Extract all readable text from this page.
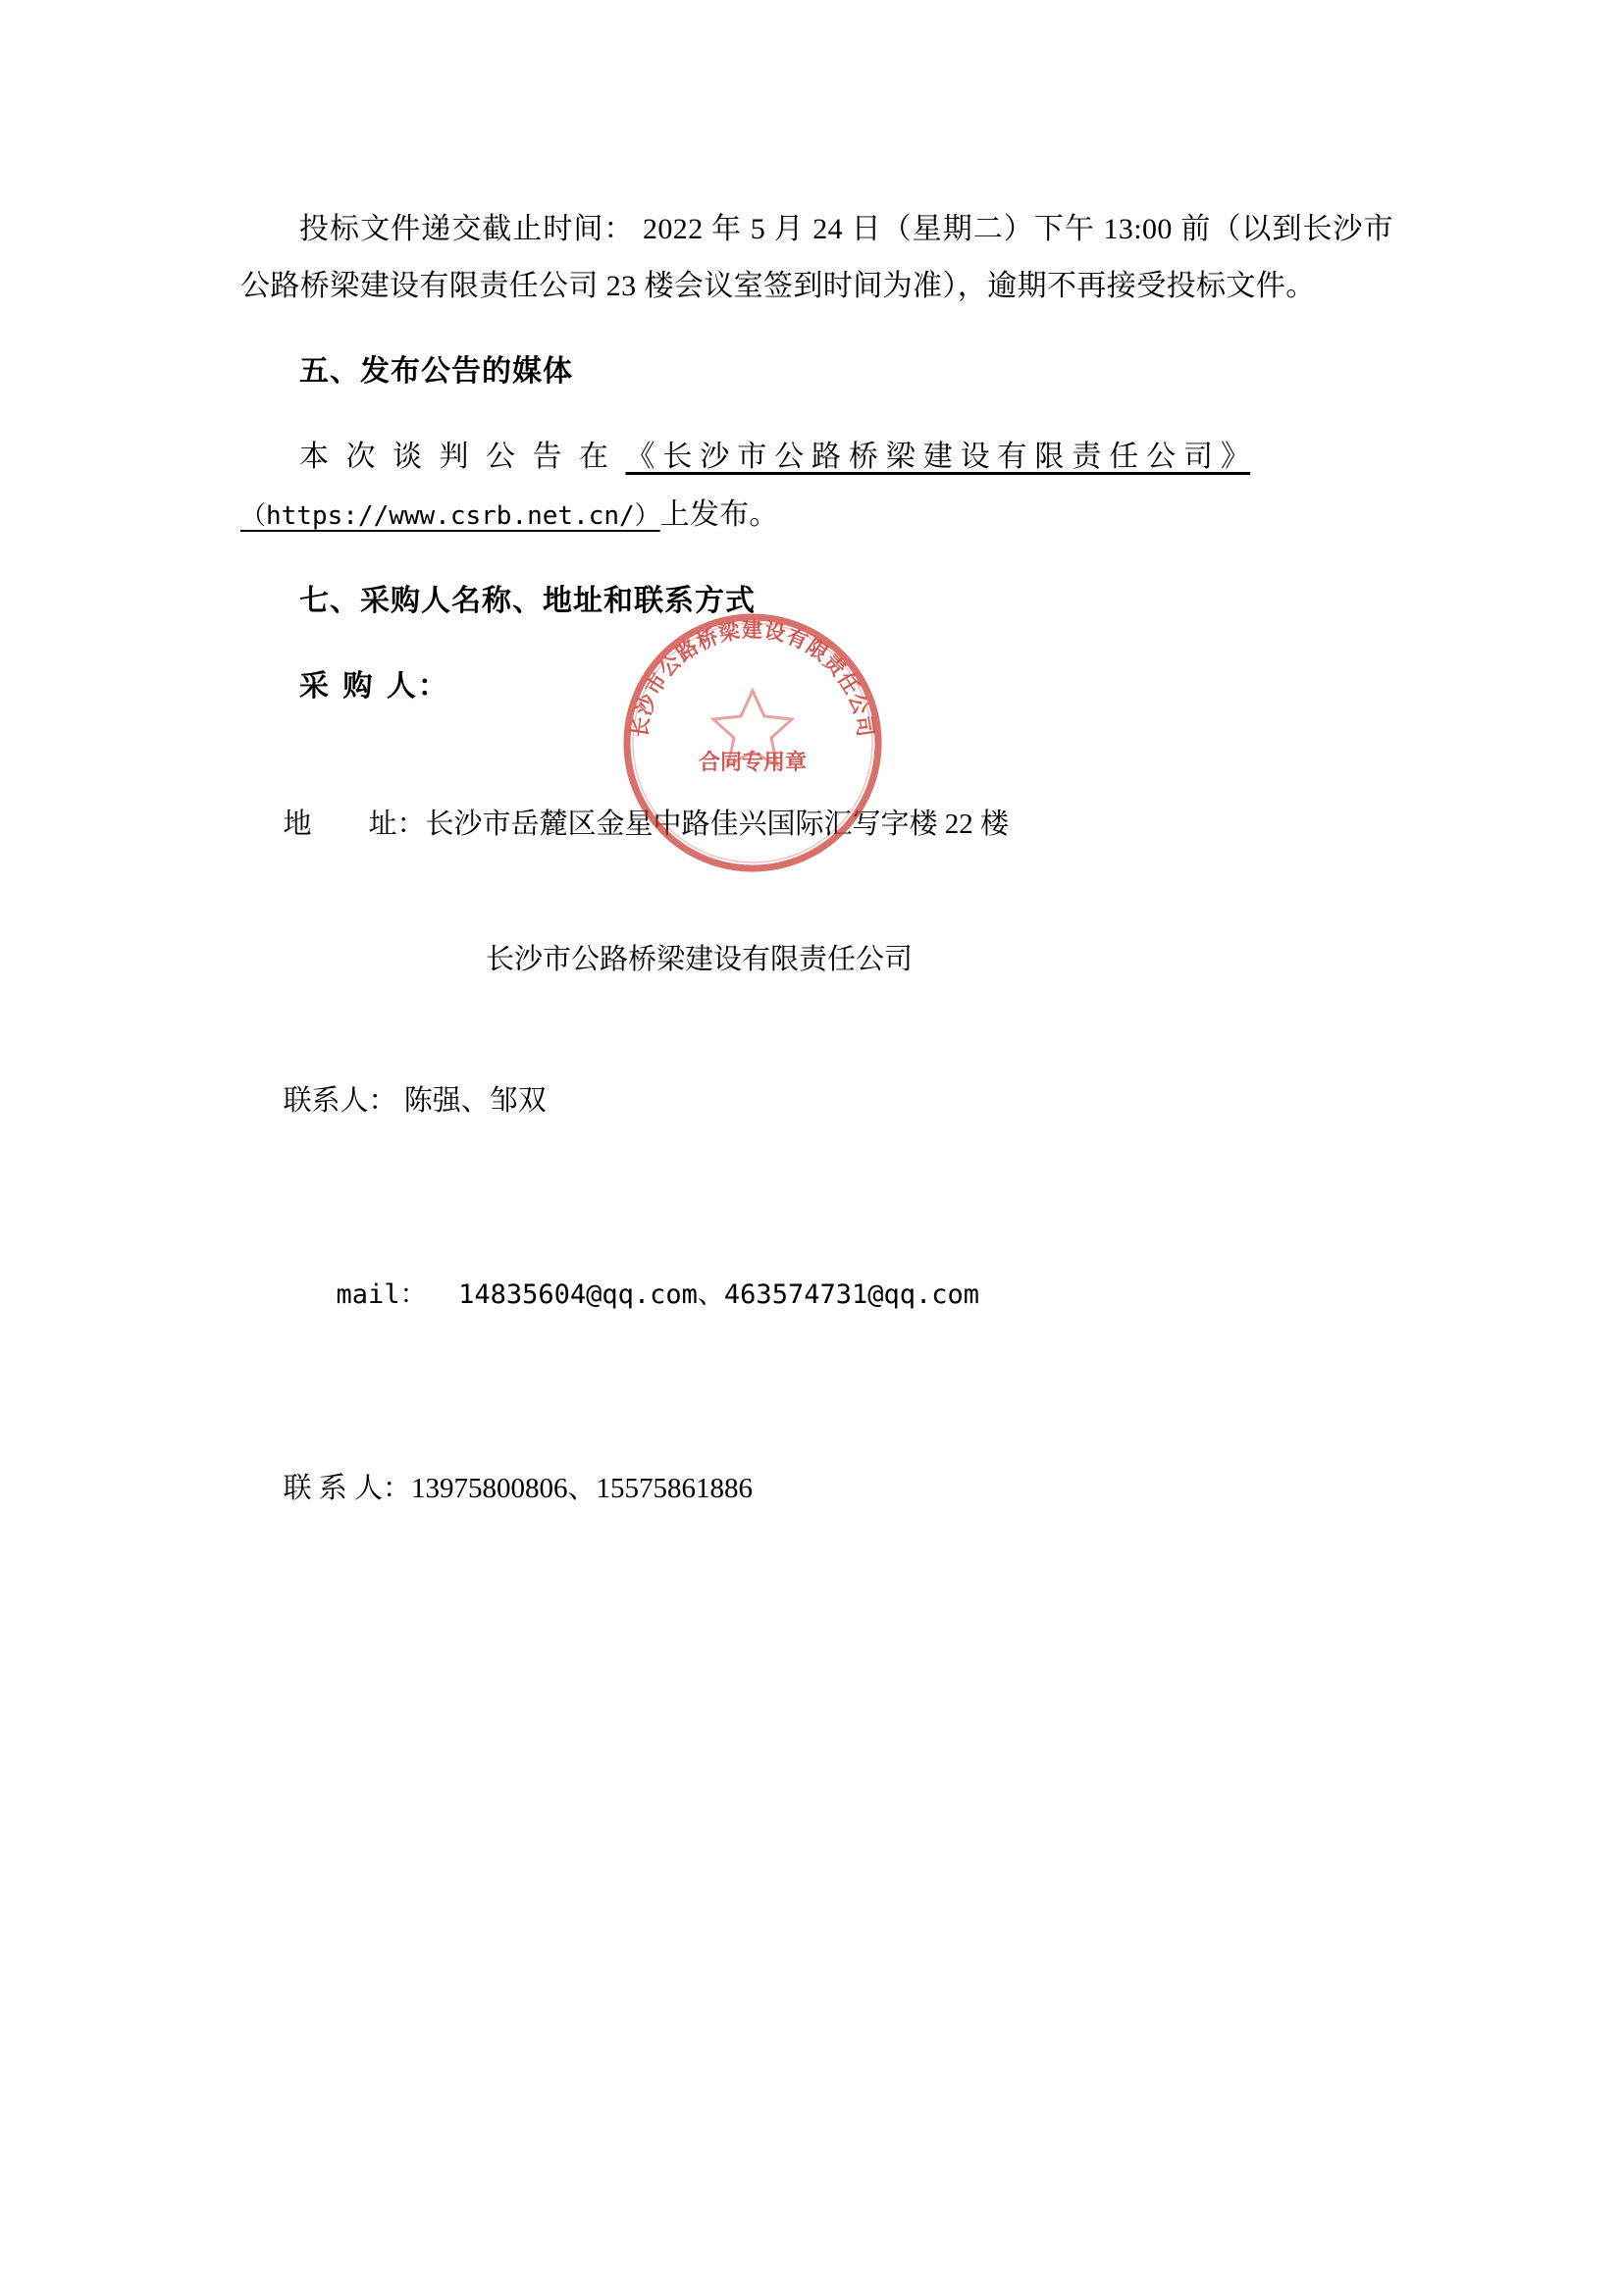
投标文件递交截止时间： 2022 年 5 月 24 日（星期二）下午 13:00 前（以到长沙市公路桥梁建设有限责任公司 23 楼会议室签到时间为准），逾期不再接受投标文件。

五、发布公告的媒体

本 次 谈 判 公 告 在 《 长 沙 市 公 路 桥 梁 建 设 有 限 责 任 公 司 》（https://www.csrb.net.cn/）上发布。

七、采购人名称、地址和联系方式

采 购 人：

地        址：长沙市岳麓区金星中路佳兴国际汇写字楼 22 楼

长沙市公路桥梁建设有限责任公司

联系人： 陈强、邹双

mail：  14835604@qq.com、463574731@qq.com

联 系 人：13975800806、15575861886

长沙市公路桥梁建设有限责任公司
合同专用章
